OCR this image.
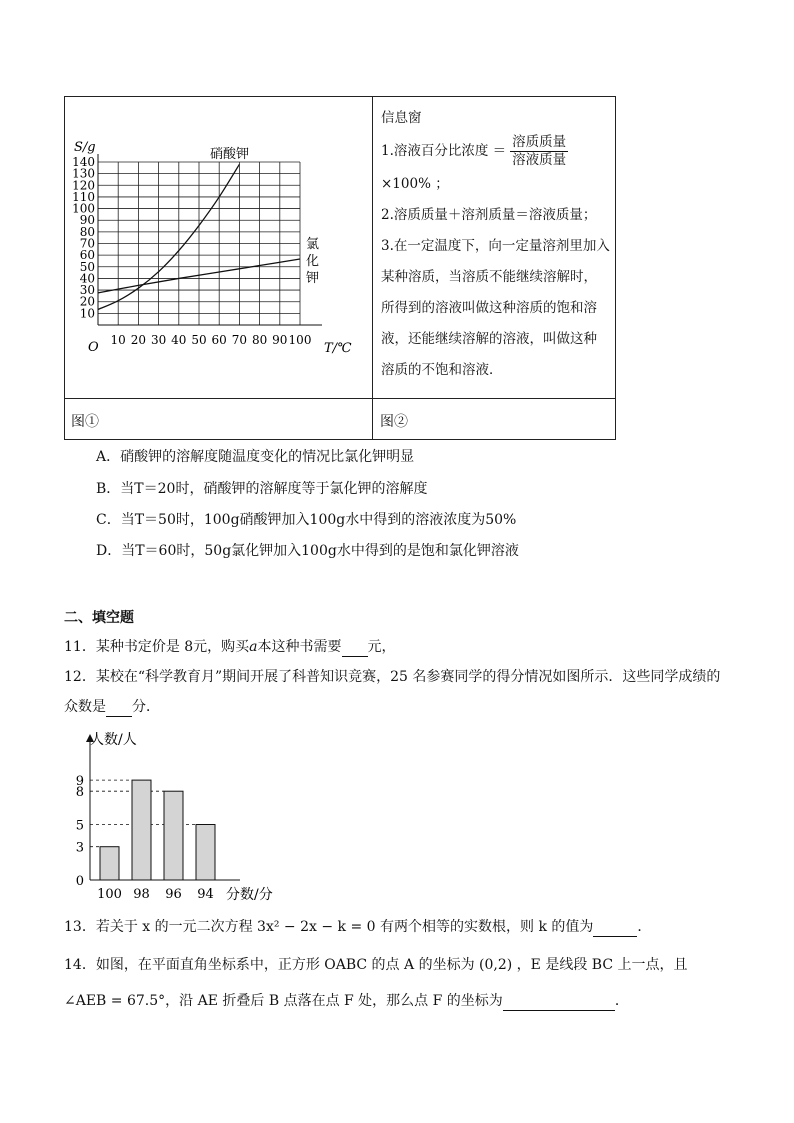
10
20
30
40
50
60
70
80
90
100
110
120
130
140
10 20 30 40 50 60 70 80 90 100
S/g
T/℃
O
硝酸钾
氯
化
钾
信息窗
1.溶液百分比浓度 ＝ $\frac{\text{溶质质量}}{\text{溶液质量}}$
×100% ；
2.溶质质量＋溶剂质量＝溶液质量；
3.在一定温度下，向一定量溶剂里加入
某种溶质，当溶质不能继续溶解时，
所得到的溶液叫做这种溶质的饱和溶
液，还能继续溶解的溶液，叫做这种
溶质的不饱和溶液．
图①	图②
A．硝酸钾的溶解度随温度变化的情况比氯化钾明显
B．当T＝20时，硝酸钾的溶解度等于氯化钾的溶解度
C．当T＝50时，100g硝酸钾加入100g水中得到的溶液浓度为50%
D．当T＝60时，50g氯化钾加入100g水中得到的是饱和氯化钾溶液
二、填空题
11．某种书定价是 8元，购买a本这种书需要 元，
12．某校在“科学教育月”期间开展了科普知识竞赛，25 名参赛同学的得分情况如图所示．这些同学成绩的
众数是 分．
0
3
5
8
9
100 98 96 94
人数/人
分数/分
13．若关于 x 的一元二次方程 3x² − 2x − k = 0 有两个相等的实数根，则 k 的值为	．
14．如图，在平面直角坐标系中，正方形 OABC 的点 A 的坐标为 (0,2) ，E 是线段 BC 上一点，且
∠AEB = 67.5°，沿 AE 折叠后 B 点落在点 F 处，那么点 F 的坐标为	．
